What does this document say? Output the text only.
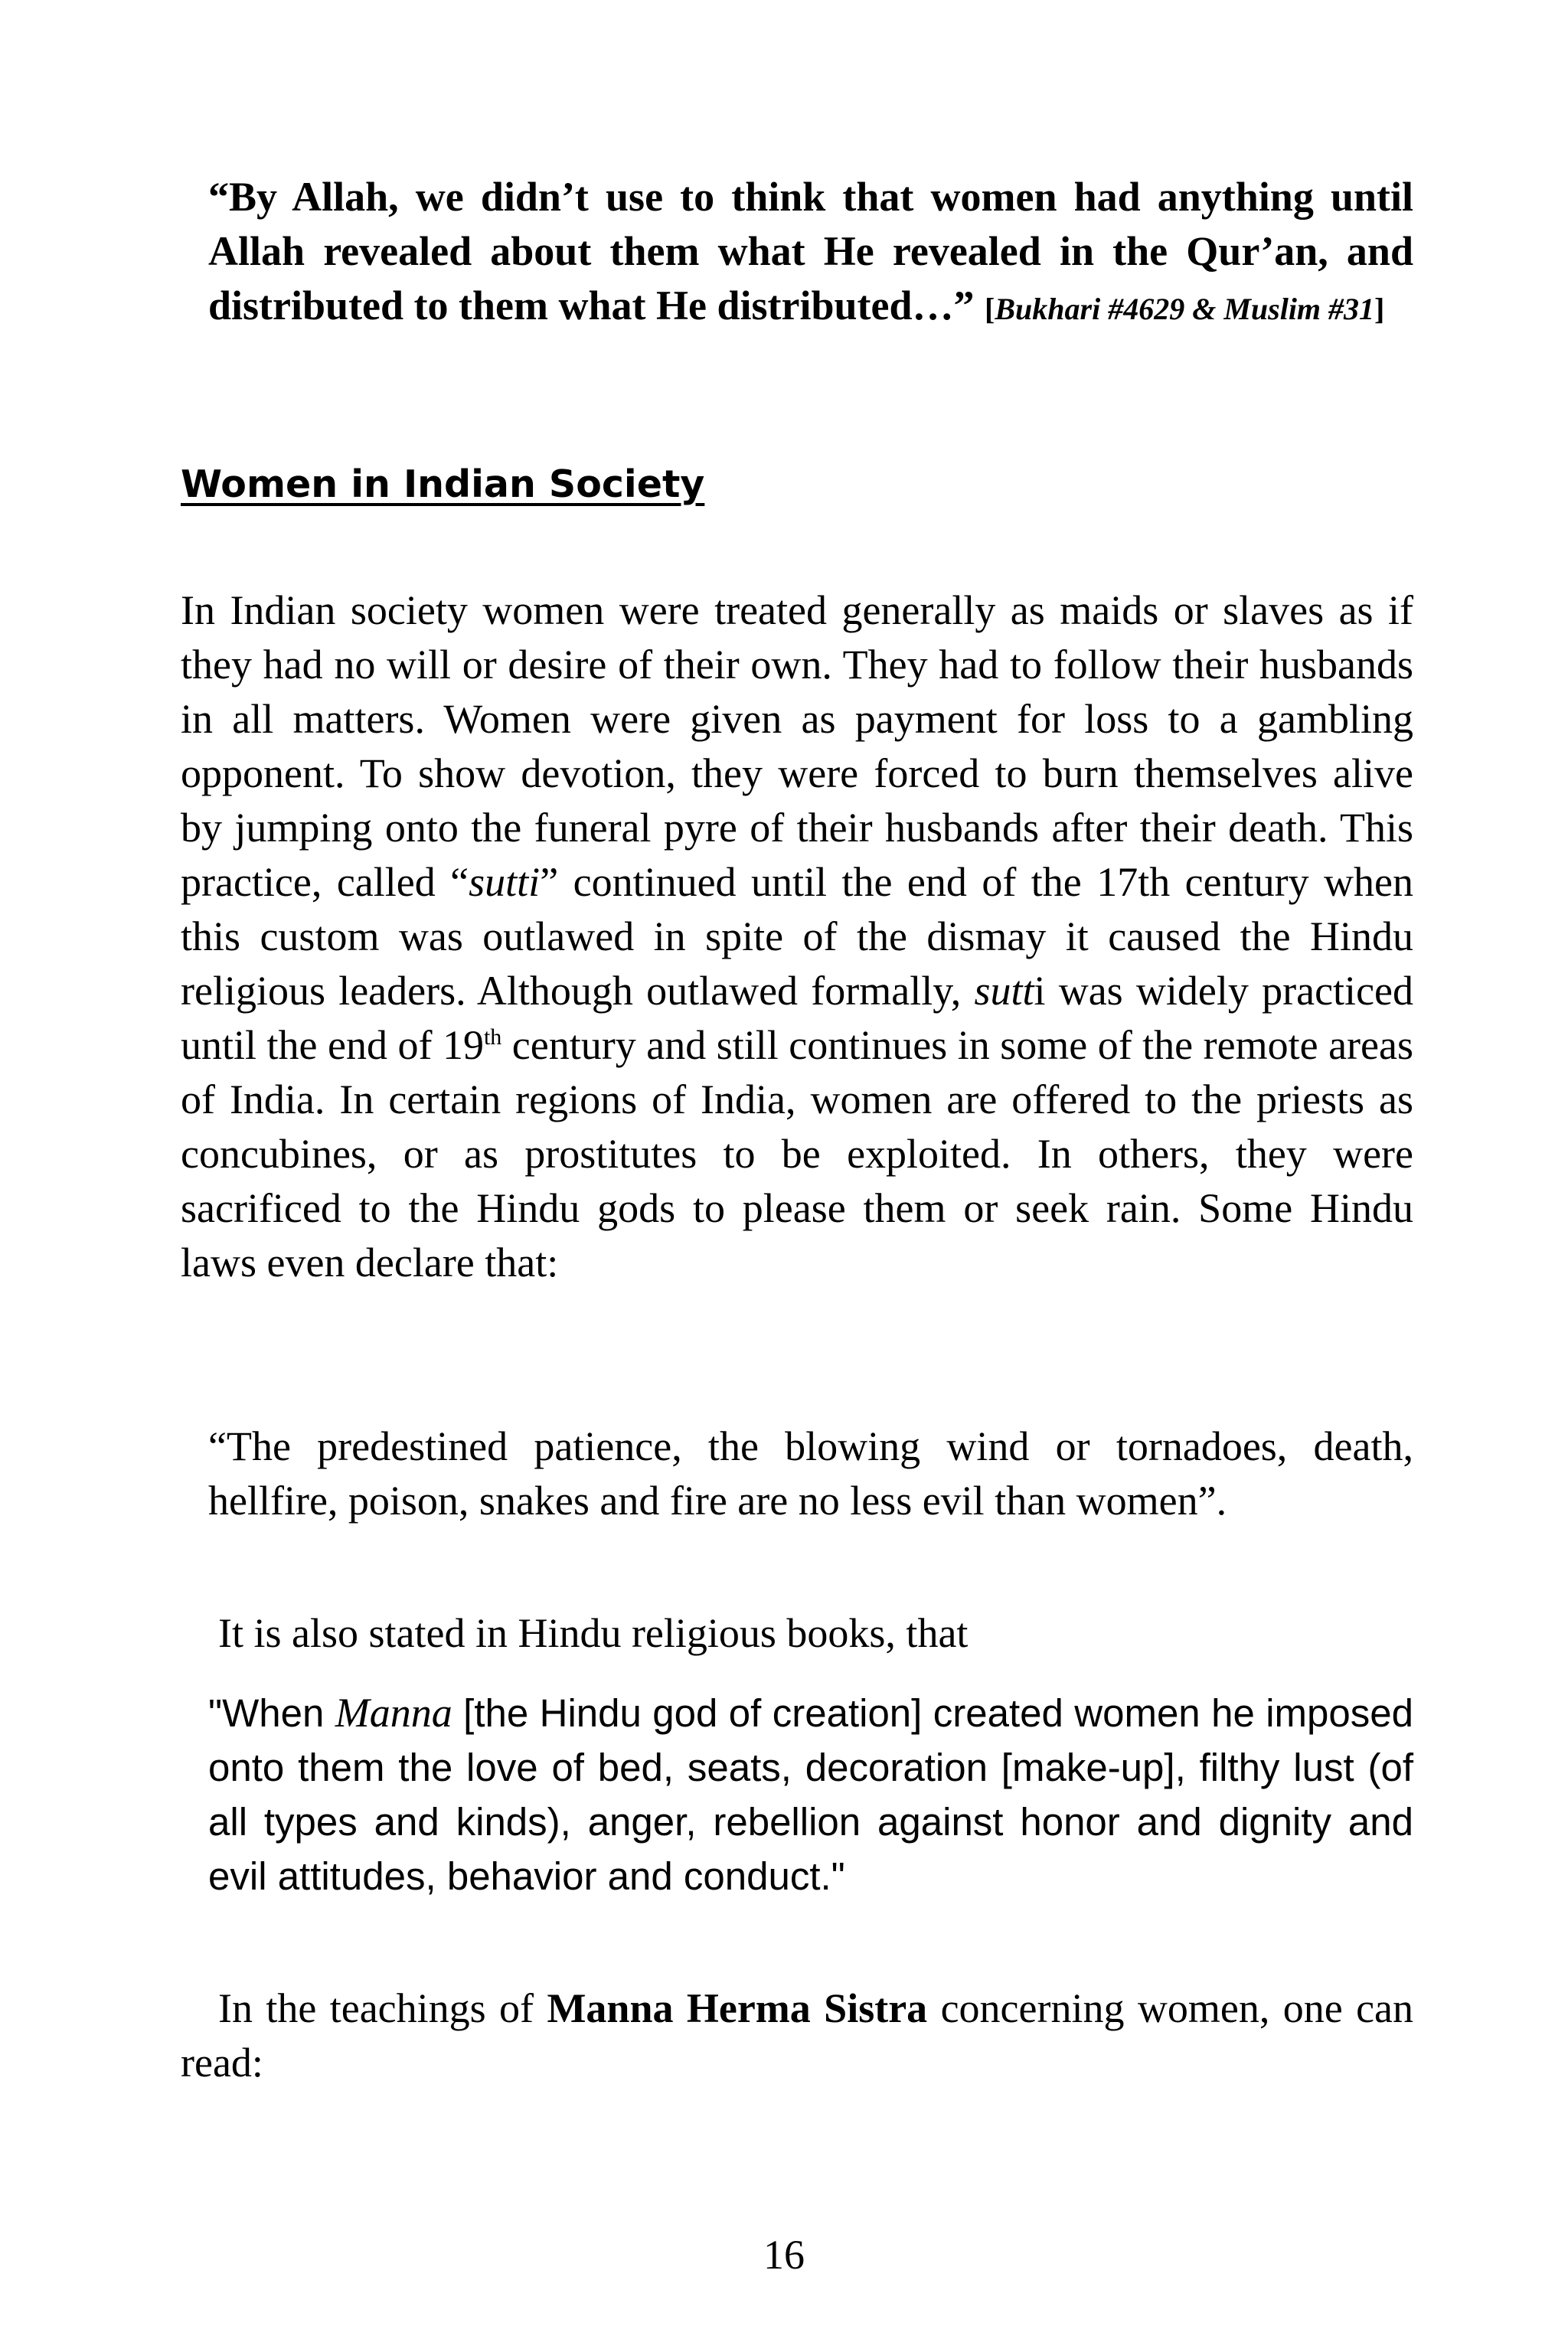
“By Allah, we didn’t use to think that women had anything until Allah revealed about them what He revealed in the Qur’an, and distributed to them what He distributed…” [Bukhari #4629 & Muslim #31]

Women in Indian Society

In Indian society women were treated generally as maids or slaves as if they had no will or desire of their own. They had to follow their husbands in all matters. Women were given as payment for loss to a gambling opponent. To show devotion, they were forced to burn themselves alive by jumping onto the funeral pyre of their husbands after their death. This practice, called “sutti” continued until the end of the 17th century when this custom was outlawed in spite of the dismay it caused the Hindu religious leaders. Although outlawed formally, sutti was widely practiced until the end of 19th century and still continues in some of the remote areas of India. In certain regions of India, women are offered to the priests as concubines, or as prostitutes to be exploited. In others, they were sacrificed to the Hindu gods to please them or seek rain. Some Hindu laws even declare that:

“The predestined patience, the blowing wind or tornadoes, death, hellfire, poison, snakes and fire are no less evil than women”.

It is also stated in Hindu religious books, that

"When Manna [the Hindu god of creation] created women he imposed onto them the love of bed, seats, decoration [make-up], filthy lust (of all types and kinds), anger, rebellion against honor and dignity and evil attitudes, behavior and conduct."

In the teachings of Manna Herma Sistra concerning women, one can read:

16
